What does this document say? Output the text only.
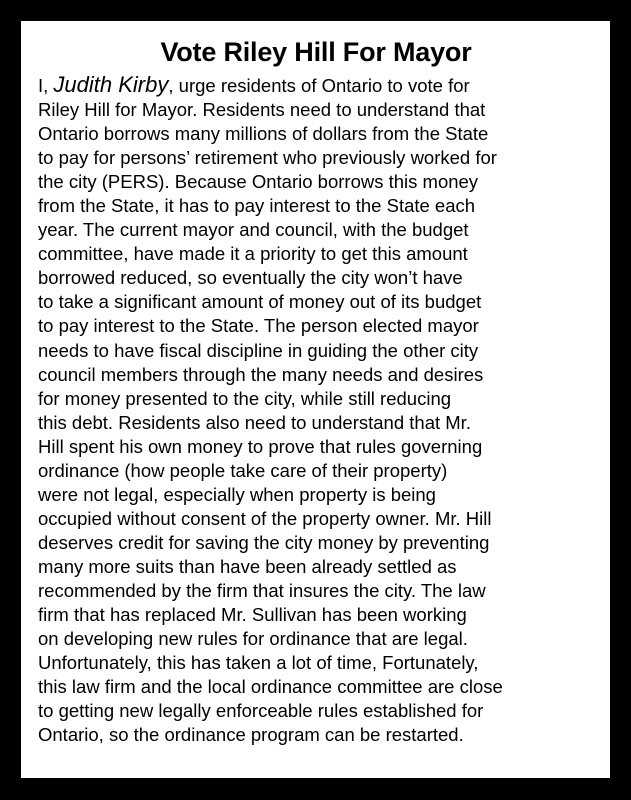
Vote Riley Hill For Mayor
I, Judith Kirby, urge residents of Ontario to vote for
Riley Hill for Mayor. Residents need to understand that
Ontario borrows many millions of dollars from the State
to pay for persons’ retirement who previously worked for
the city (PERS). Because Ontario borrows this money
from the State, it has to pay interest to the State each
year. The current mayor and council, with the budget
committee, have made it a priority to get this amount
borrowed reduced, so eventually the city won’t have
to take a significant amount of money out of its budget
to pay interest to the State. The person elected mayor
needs to have fiscal discipline in guiding the other city
council members through the many needs and desires
for money presented to the city, while still reducing
this debt. Residents also need to understand that Mr.
Hill spent his own money to prove that rules governing
ordinance (how people take care of their property)
were not legal, especially when property is being
occupied without consent of the property owner. Mr. Hill
deserves credit for saving the city money by preventing
many more suits than have been already settled as
recommended by the firm that insures the city. The law
firm that has replaced Mr. Sullivan has been working
on developing new rules for ordinance that are legal.
Unfortunately, this has taken a lot of time, Fortunately,
this law firm and the local ordinance committee are close
to getting new legally enforceable rules established for
Ontario, so the ordinance program can be restarted.
